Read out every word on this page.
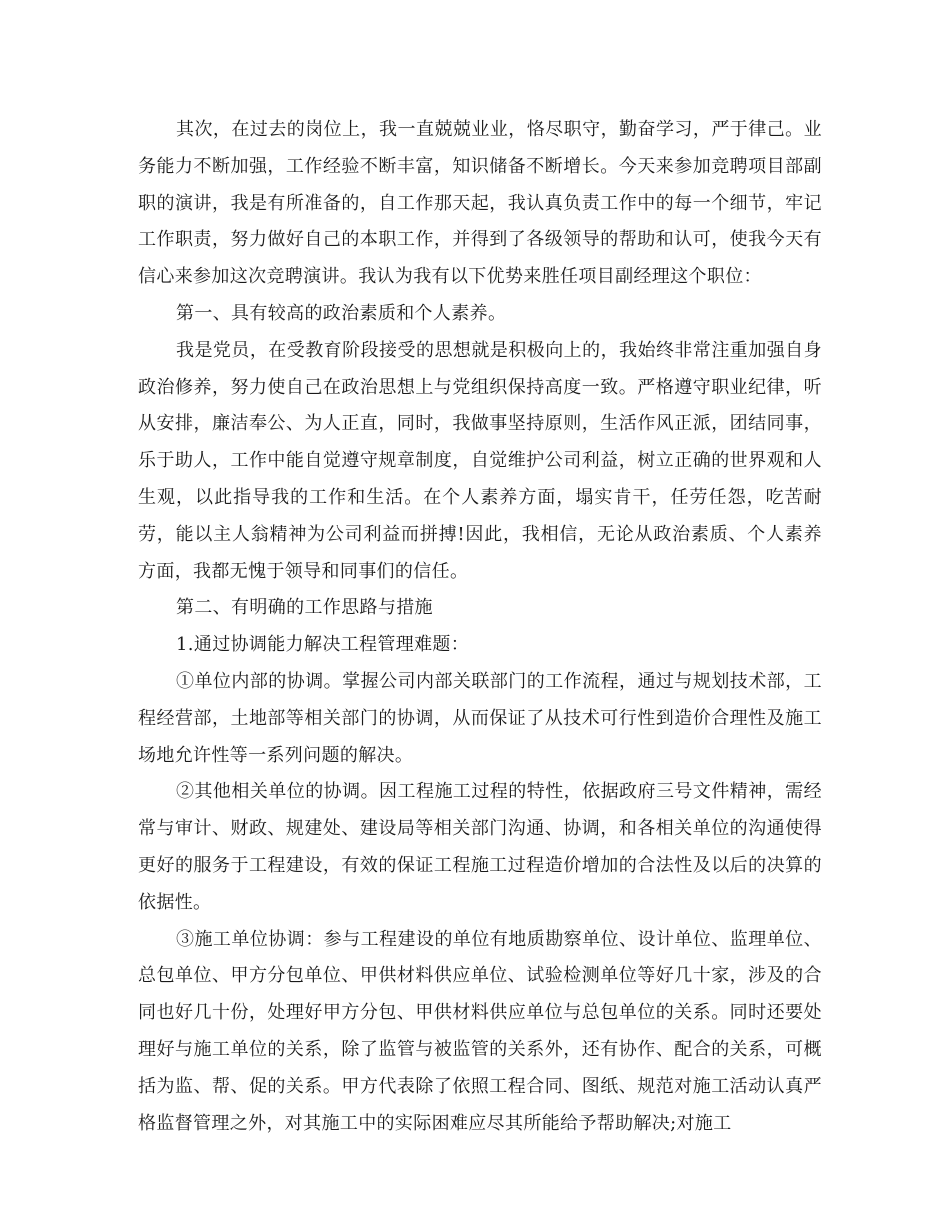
其次，在过去的岗位上，我一直兢兢业业，恪尽职守，勤奋学习，严于律己。业务能力不断加强，工作经验不断丰富，知识储备不断增长。今天来参加竞聘项目部副职的演讲，我是有所准备的，自工作那天起，我认真负责工作中的每一个细节，牢记工作职责，努力做好自己的本职工作，并得到了各级领导的帮助和认可，使我今天有信心来参加这次竞聘演讲。我认为我有以下优势来胜任项目副经理这个职位：

第一、具有较高的政治素质和个人素养。

我是党员，在受教育阶段接受的思想就是积极向上的，我始终非常注重加强自身政治修养，努力使自己在政治思想上与党组织保持高度一致。严格遵守职业纪律，听从安排，廉洁奉公、为人正直，同时，我做事坚持原则，生活作风正派，团结同事，乐于助人，工作中能自觉遵守规章制度，自觉维护公司利益，树立正确的世界观和人生观，以此指导我的工作和生活。在个人素养方面，塌实肯干，任劳任怨，吃苦耐劳，能以主人翁精神为公司利益而拼搏!因此，我相信，无论从政治素质、个人素养方面，我都无愧于领导和同事们的信任。

第二、有明确的工作思路与措施

1.通过协调能力解决工程管理难题：

①单位内部的协调。掌握公司内部关联部门的工作流程，通过与规划技术部，工程经营部，土地部等相关部门的协调，从而保证了从技术可行性到造价合理性及施工场地允许性等一系列问题的解决。

②其他相关单位的协调。因工程施工过程的特性，依据政府三号文件精神，需经常与审计、财政、规建处、建设局等相关部门沟通、协调，和各相关单位的沟通使得更好的服务于工程建设，有效的保证工程施工过程造价增加的合法性及以后的决算的依据性。

③施工单位协调：参与工程建设的单位有地质勘察单位、设计单位、监理单位、总包单位、甲方分包单位、甲供材料供应单位、试验检测单位等好几十家，涉及的合同也好几十份，处理好甲方分包、甲供材料供应单位与总包单位的关系。同时还要处理好与施工单位的关系，除了监管与被监管的关系外，还有协作、配合的关系，可概括为监、帮、促的关系。甲方代表除了依照工程合同、图纸、规范对施工活动认真严格监督管理之外，对其施工中的实际困难应尽其所能给予帮助解决;对施工
